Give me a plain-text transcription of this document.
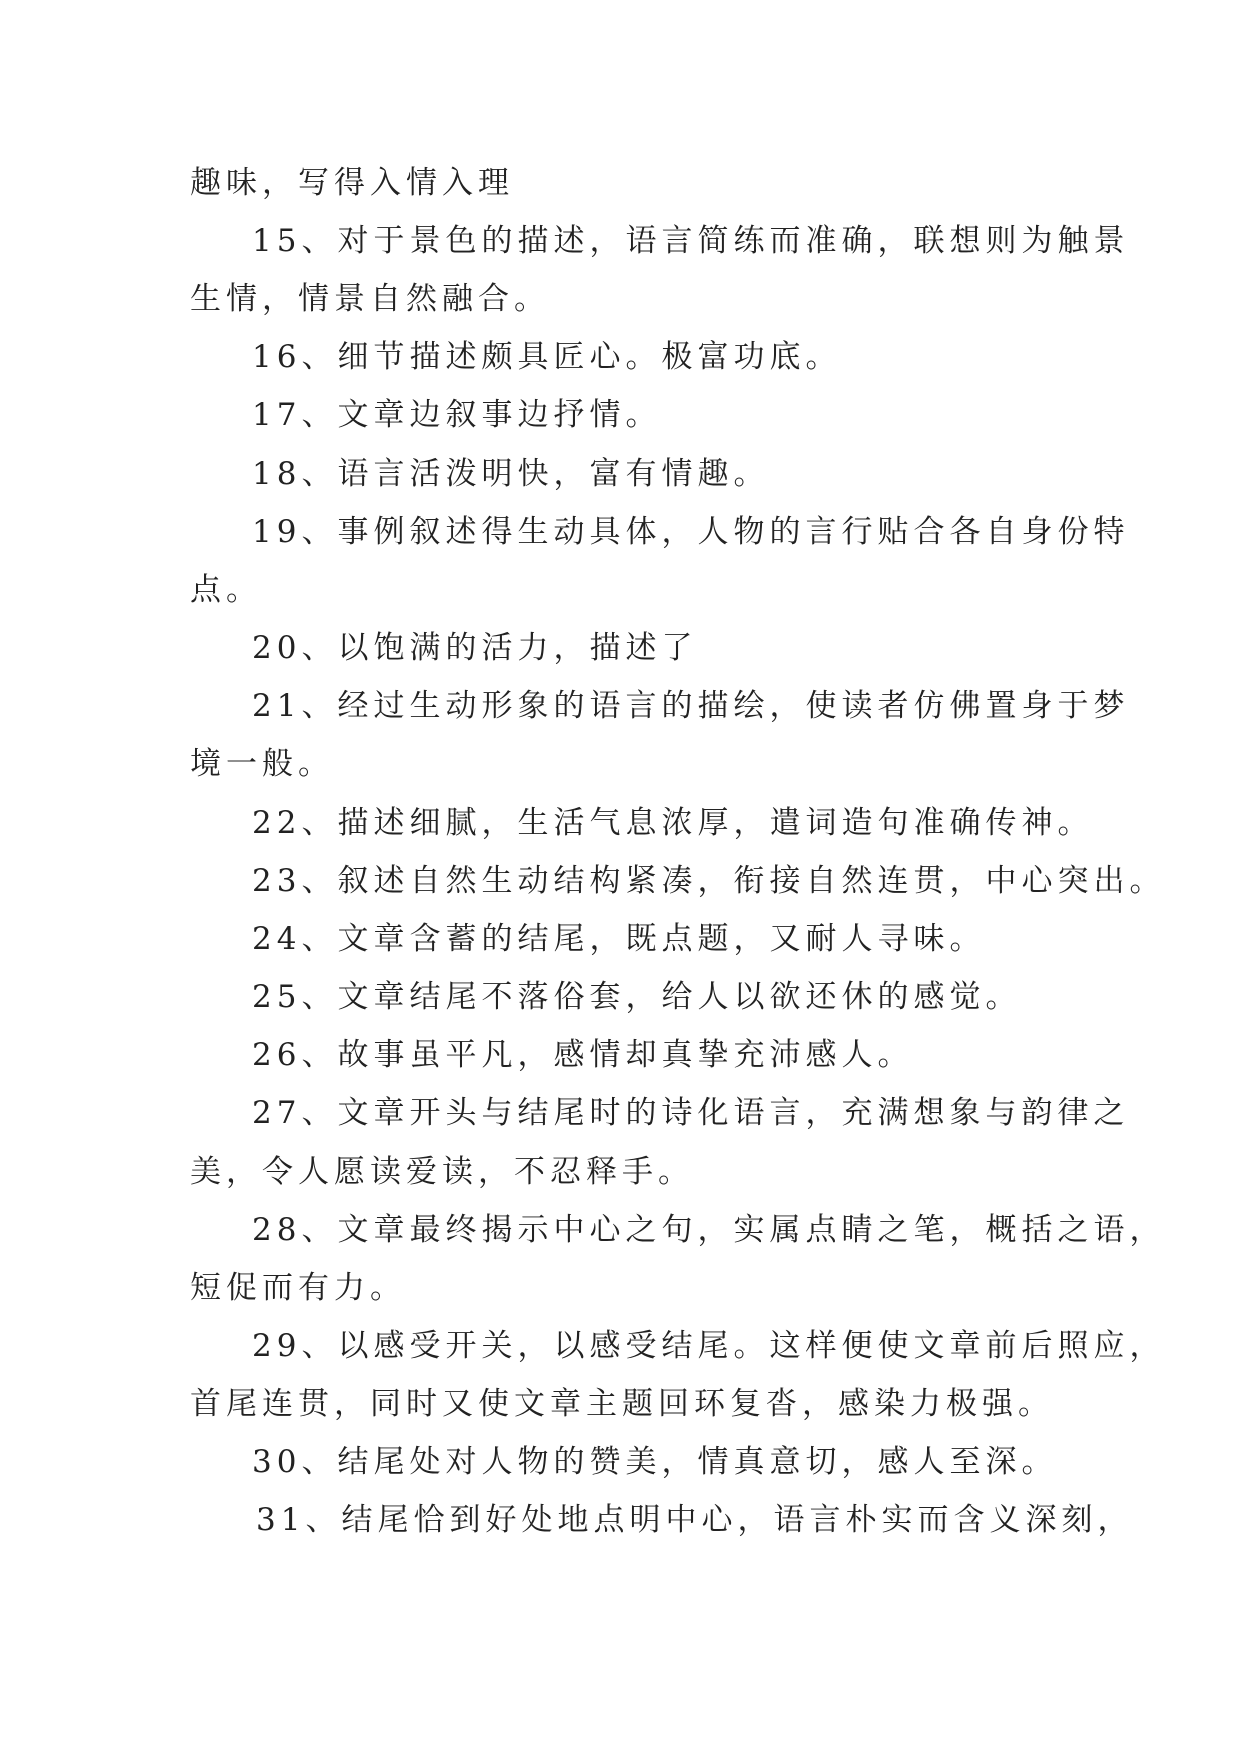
趣味，写得入情入理
15、对于景色的描述，语言简练而准确，联想则为触景
生情，情景自然融合。
16、细节描述颇具匠心。极富功底。
17、文章边叙事边抒情。
18、语言活泼明快，富有情趣。
19、事例叙述得生动具体，人物的言行贴合各自身份特
点。
20、以饱满的活力，描述了
21、经过生动形象的语言的描绘，使读者仿佛置身于梦
境一般。
22、描述细腻，生活气息浓厚，遣词造句准确传神。
23、叙述自然生动结构紧凑，衔接自然连贯，中心突出。
24、文章含蓄的结尾，既点题，又耐人寻味。
25、文章结尾不落俗套，给人以欲还休的感觉。
26、故事虽平凡，感情却真挚充沛感人。
27、文章开头与结尾时的诗化语言，充满想象与韵律之
美，令人愿读爱读，不忍释手。
28、文章最终揭示中心之句，实属点睛之笔，概括之语，
短促而有力。
29、以感受开关，以感受结尾。这样便使文章前后照应，
首尾连贯，同时又使文章主题回环复沓，感染力极强。
30、结尾处对人物的赞美，情真意切，感人至深。
31、结尾恰到好处地点明中心，语言朴实而含义深刻，
